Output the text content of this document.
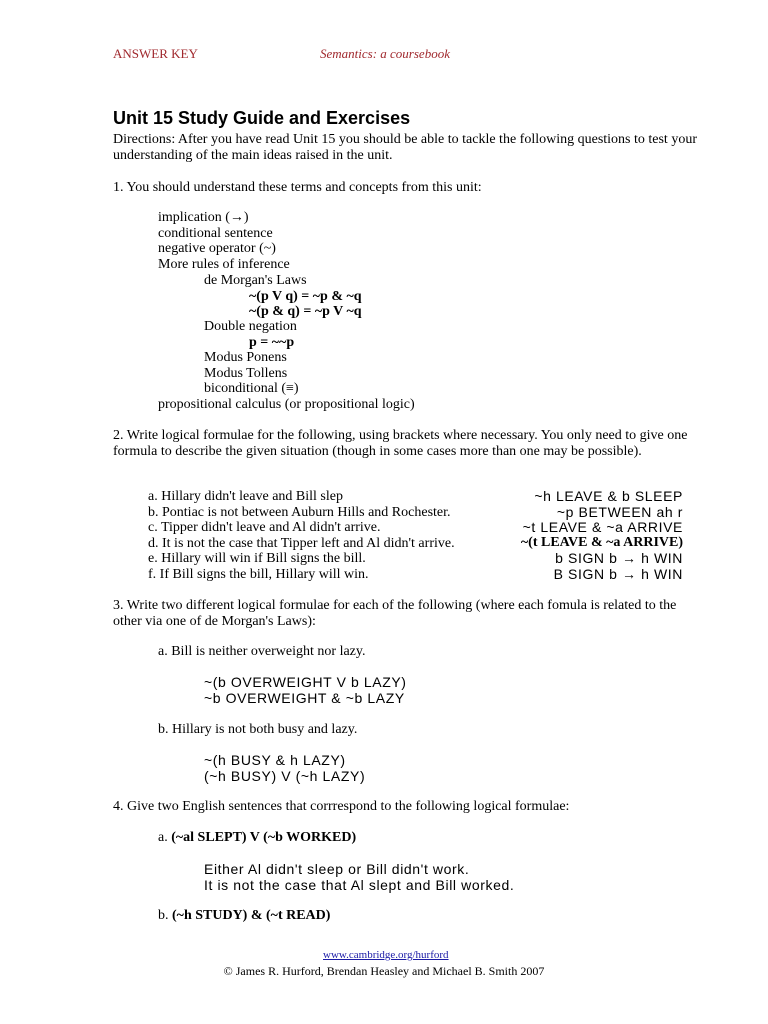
ANSWER KEY	Semantics: a coursebook
Unit 15 Study Guide and Exercises
Directions: After you have read Unit 15 you should be able to tackle the following questions to test your understanding of the main ideas raised in the unit.
1. You should understand these terms and concepts from this unit:
implication (→)
conditional sentence
negative operator (~)
More rules of inference
de Morgan's Laws
~(p V q) = ~p & ~q
~(p & q) = ~p V ~q
Double negation
p = ~~p
Modus Ponens
Modus Tollens
biconditional (≡)
propositional calculus (or propositional logic)
2. Write logical formulae for the following, using brackets where necessary. You only need to give one formula to describe the given situation (though in some cases more than one may be possible).
a. Hillary didn't leave and Bill slep	~h LEAVE & b SLEEP
b. Pontiac is not between Auburn Hills and Rochester.	~p BETWEEN ah r
c. Tipper didn't leave and Al didn't arrive.	~t LEAVE & ~a ARRIVE
d. It is not the case that Tipper left and Al didn't arrive.	~(t LEAVE & ~a ARRIVE)
e. Hillary will win if Bill signs the bill.	b SIGN b → h WIN
f. If Bill signs the bill, Hillary will win.	B SIGN b → h WIN
3. Write two different logical formulae for each of the following (where each fomula is related to the other via one of de Morgan's Laws):
a. Bill is neither overweight nor lazy.
~(b OVERWEIGHT V b LAZY)
~b OVERWEIGHT & ~b LAZY
b. Hillary is not both busy and lazy.
~(h BUSY & h LAZY)
(~h BUSY) V (~h LAZY)
4. Give two English sentences that corrrespond to the following logical formulae:
a. (~al SLEPT) V (~b WORKED)
Either Al didn't sleep or Bill didn't work.
It is not the case that Al slept and Bill worked.
b. (~h STUDY) & (~t READ)
www.cambridge.org/hurford
© James R. Hurford, Brendan Heasley and Michael B. Smith 2007
